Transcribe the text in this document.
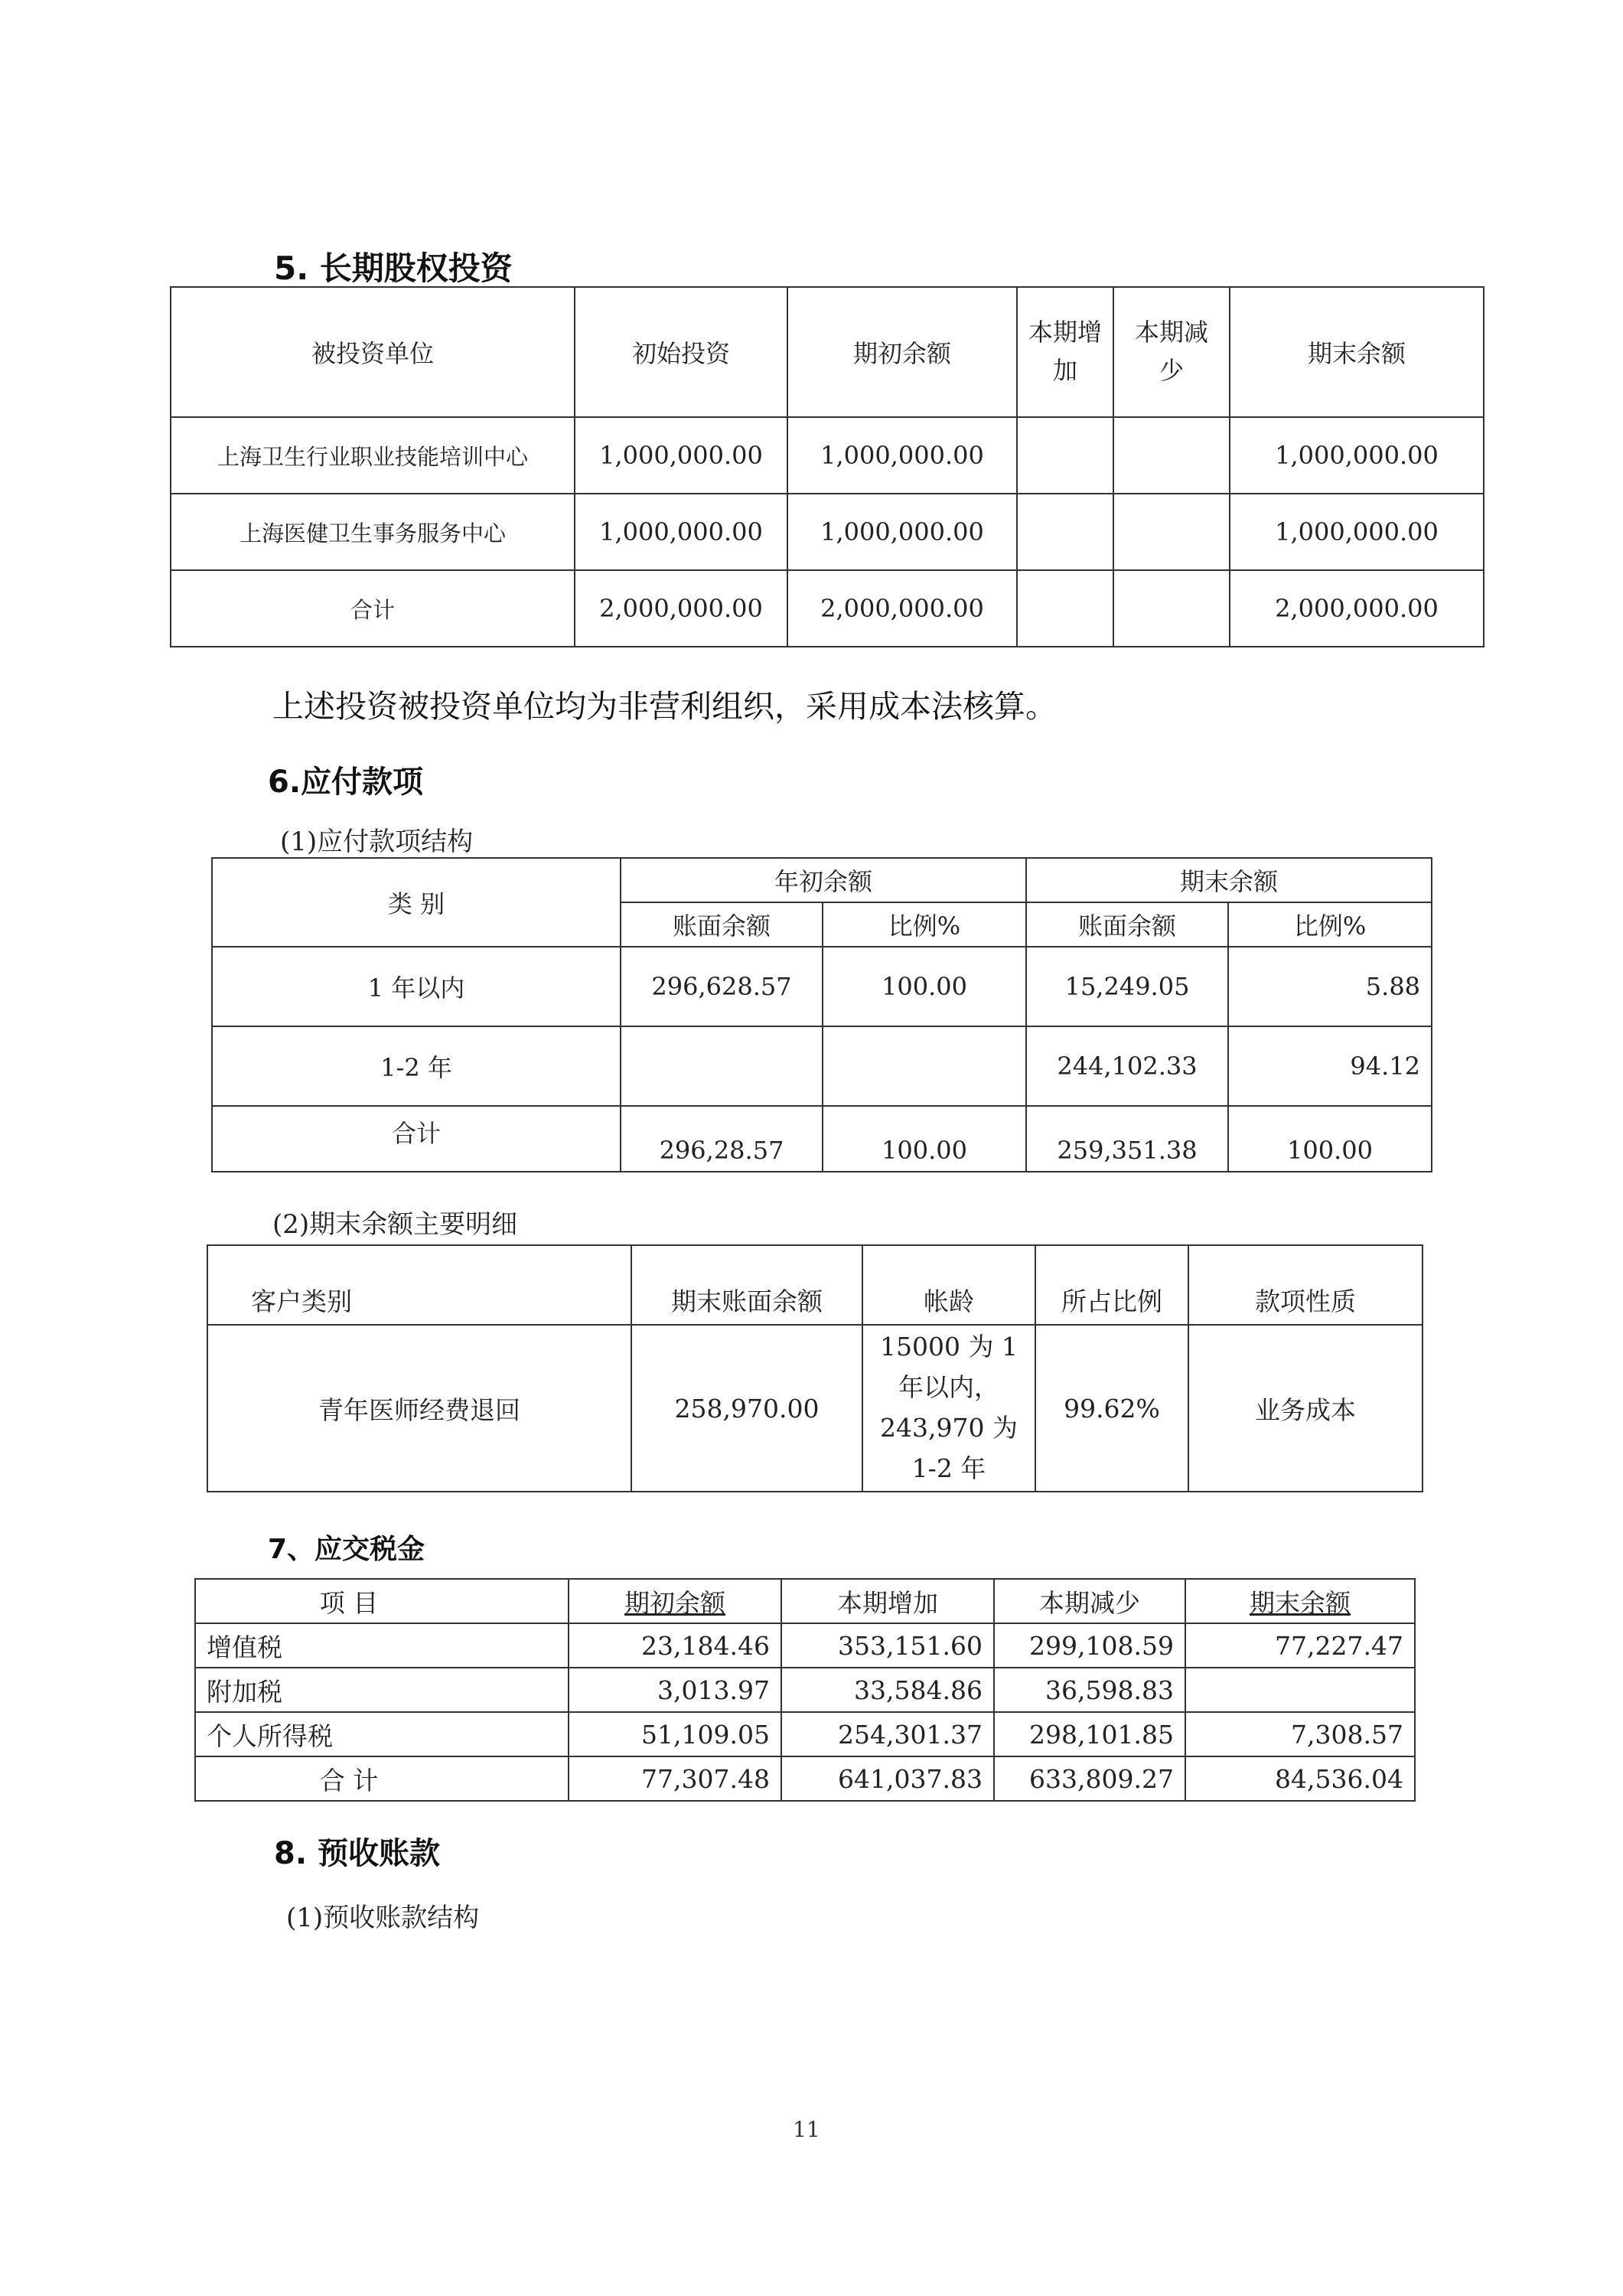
5. 长期股权投资
被投资单位	初始投资	期初余额	本期增加	本期减少	期末余额
上海卫生行业职业技能培训中心	1,000,000.00	1,000,000.00			1,000,000.00
上海医健卫生事务服务中心	1,000,000.00	1,000,000.00			1,000,000.00
合计	2,000,000.00	2,000,000.00			2,000,000.00
上述投资被投资单位均为非营利组织，采用成本法核算。
6.应付款项
(1)应付款项结构
类 别	年初余额		期末余额	
	账面余额	比例%	账面余额	比例%
1 年以内	296,628.57	100.00	15,249.05	5.88
1-2 年			244,102.33	94.12
合计	296,28.57	100.00	259,351.38	100.00
(2)期末余额主要明细
客户类别	期末账面余额	帐龄	所占比例	款项性质
青年医师经费退回	258,970.00	15000 为 1 年以内，243,970 为 1-2 年	99.62%	业务成本
7、应交税金
项 目	期初余额	本期增加	本期减少	期末余额
增值税	23,184.46	353,151.60	299,108.59	77,227.47
附加税	3,013.97	33,584.86	36,598.83	
个人所得税	51,109.05	254,301.37	298,101.85	7,308.57
合 计	77,307.48	641,037.83	633,809.27	84,536.04
8. 预收账款
(1)预收账款结构
11
